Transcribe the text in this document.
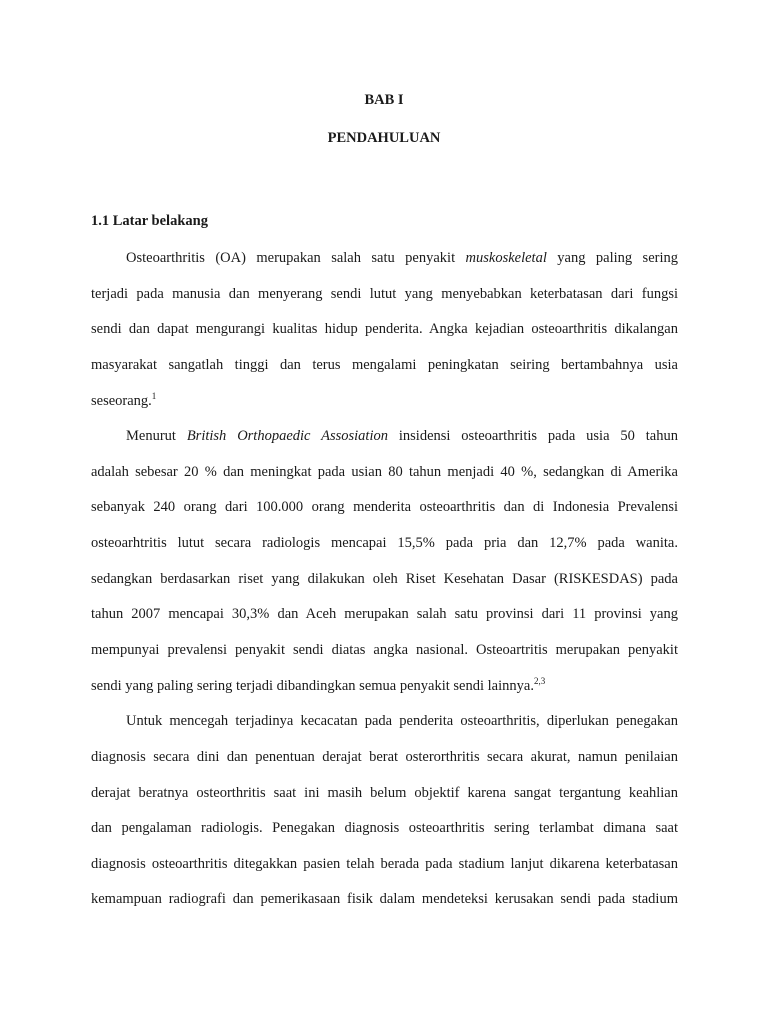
BAB I
PENDAHULUAN
1.1 Latar belakang
Osteoarthritis (OA) merupakan salah satu penyakit muskoskeletal yang paling sering
terjadi pada manusia dan menyerang sendi lutut yang menyebabkan keterbatasan dari fungsi
sendi dan dapat mengurangi kualitas hidup penderita. Angka kejadian osteoarthritis dikalangan
masyarakat sangatlah tinggi dan terus mengalami peningkatan seiring bertambahnya usia
seseorang.$^1$
Menurut British Orthopaedic Assosiation insidensi osteoarthritis pada usia 50 tahun
adalah sebesar 20 % dan meningkat pada usian 80 tahun menjadi 40 %, sedangkan di Amerika
sebanyak 240 orang dari 100.000 orang menderita osteoarthritis dan di Indonesia Prevalensi
osteoarhtritis lutut secara radiologis mencapai 15,5% pada pria dan 12,7% pada wanita.
sedangkan berdasarkan riset yang dilakukan oleh Riset Kesehatan Dasar (RISKESDAS) pada
tahun 2007 mencapai 30,3% dan Aceh merupakan salah satu provinsi dari 11 provinsi yang
mempunyai prevalensi penyakit sendi diatas angka nasional. Osteoartritis merupakan penyakit
sendi yang paling sering terjadi dibandingkan semua penyakit sendi lainnya.$^{2,3}$
Untuk mencegah terjadinya kecacatan pada penderita osteoarthritis, diperlukan penegakan
diagnosis secara dini dan penentuan derajat berat osterorthritis secara akurat, namun penilaian
derajat beratnya osteorthritis saat ini masih belum objektif karena sangat tergantung keahlian
dan pengalaman radiologis. Penegakan diagnosis osteoarthritis sering terlambat dimana saat
diagnosis osteoarthritis ditegakkan pasien telah berada pada stadium lanjut dikarena keterbatasan
kemampuan radiografi dan pemerikasaan fisik dalam mendeteksi kerusakan sendi pada stadium
